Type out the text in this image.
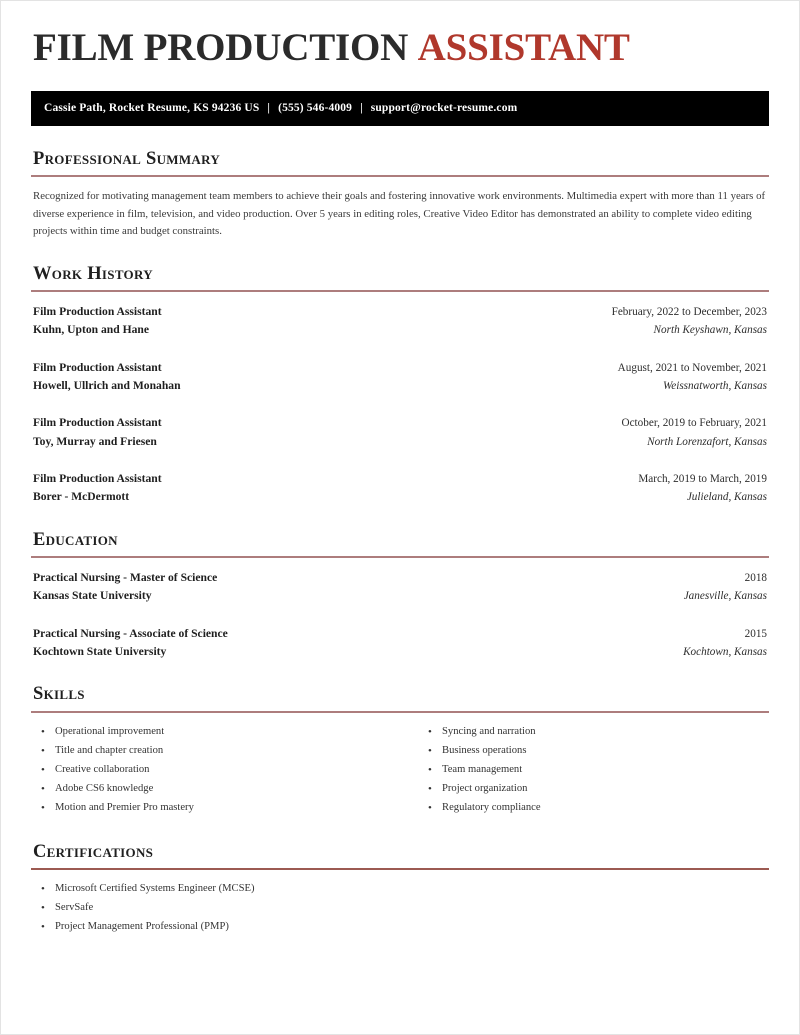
FILM PRODUCTION ASSISTANT
Cassie Path, Rocket Resume, KS 94236 US | (555) 546-4009 | support@rocket-resume.com
Professional Summary

Recognized for motivating management team members to achieve their goals and fostering innovative work environments. Multimedia expert with more than 11 years of diverse experience in film, television, and video production. Over 5 years in editing roles, Creative Video Editor has demonstrated an ability to complete video editing projects within time and budget constraints.

Work History
Film Production Assistant	February, 2022 to December, 2023
Kuhn, Upton and Hane	North Keyshawn, Kansas
Film Production Assistant	August, 2021 to November, 2021
Howell, Ullrich and Monahan	Weissnatworth, Kansas
Film Production Assistant	October, 2019 to February, 2021
Toy, Murray and Friesen	North Lorenzafort, Kansas
Film Production Assistant	March, 2019 to March, 2019
Borer - McDermott	Julieland, Kansas
Education
Practical Nursing - Master of Science	2018
Kansas State University	Janesville, Kansas
Practical Nursing - Associate of Science	2015
Kochtown State University	Kochtown, Kansas
Skills
• Operational improvement
• Title and chapter creation
• Creative collaboration
• Adobe CS6 knowledge
• Motion and Premier Pro mastery
• Syncing and narration
• Business operations
• Team management
• Project organization
• Regulatory compliance
Certifications
• Microsoft Certified Systems Engineer (MCSE)
• ServSafe
• Project Management Professional (PMP)
